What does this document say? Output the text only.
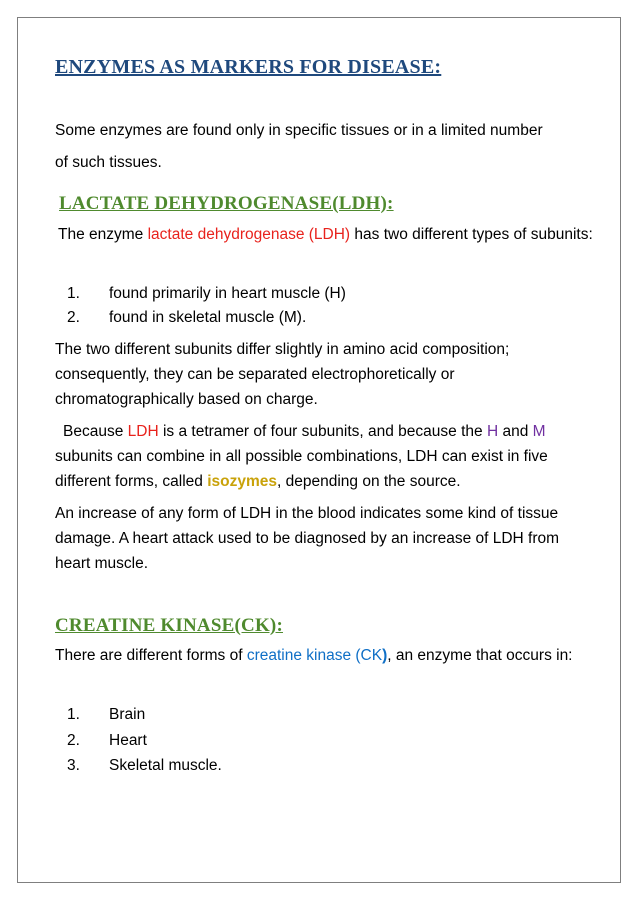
ENZYMES AS MARKERS FOR DISEASE:
Some enzymes are found only in specific tissues or in a limited number
of such tissues.
LACTATE DEHYDROGENASE(LDH):
The enzyme lactate dehydrogenase (LDH) has two different types of subunits:
1. found primarily in heart muscle (H)
2. found in skeletal muscle (M).
The two different subunits differ slightly in amino acid composition; consequently, they can be separated electrophoretically or chromatographically based on charge.
Because LDH is a tetramer of four subunits, and because the H and M subunits can combine in all possible combinations, LDH can exist in five different forms, called isozymes, depending on the source.
An increase of any form of LDH in the blood indicates some kind of tissue damage. A heart attack used to be diagnosed by an increase of LDH from heart muscle.
CREATINE KINASE(CK):
There are different forms of creatine kinase (CK), an enzyme that occurs in:
1. Brain
2. Heart
3. Skeletal muscle.
